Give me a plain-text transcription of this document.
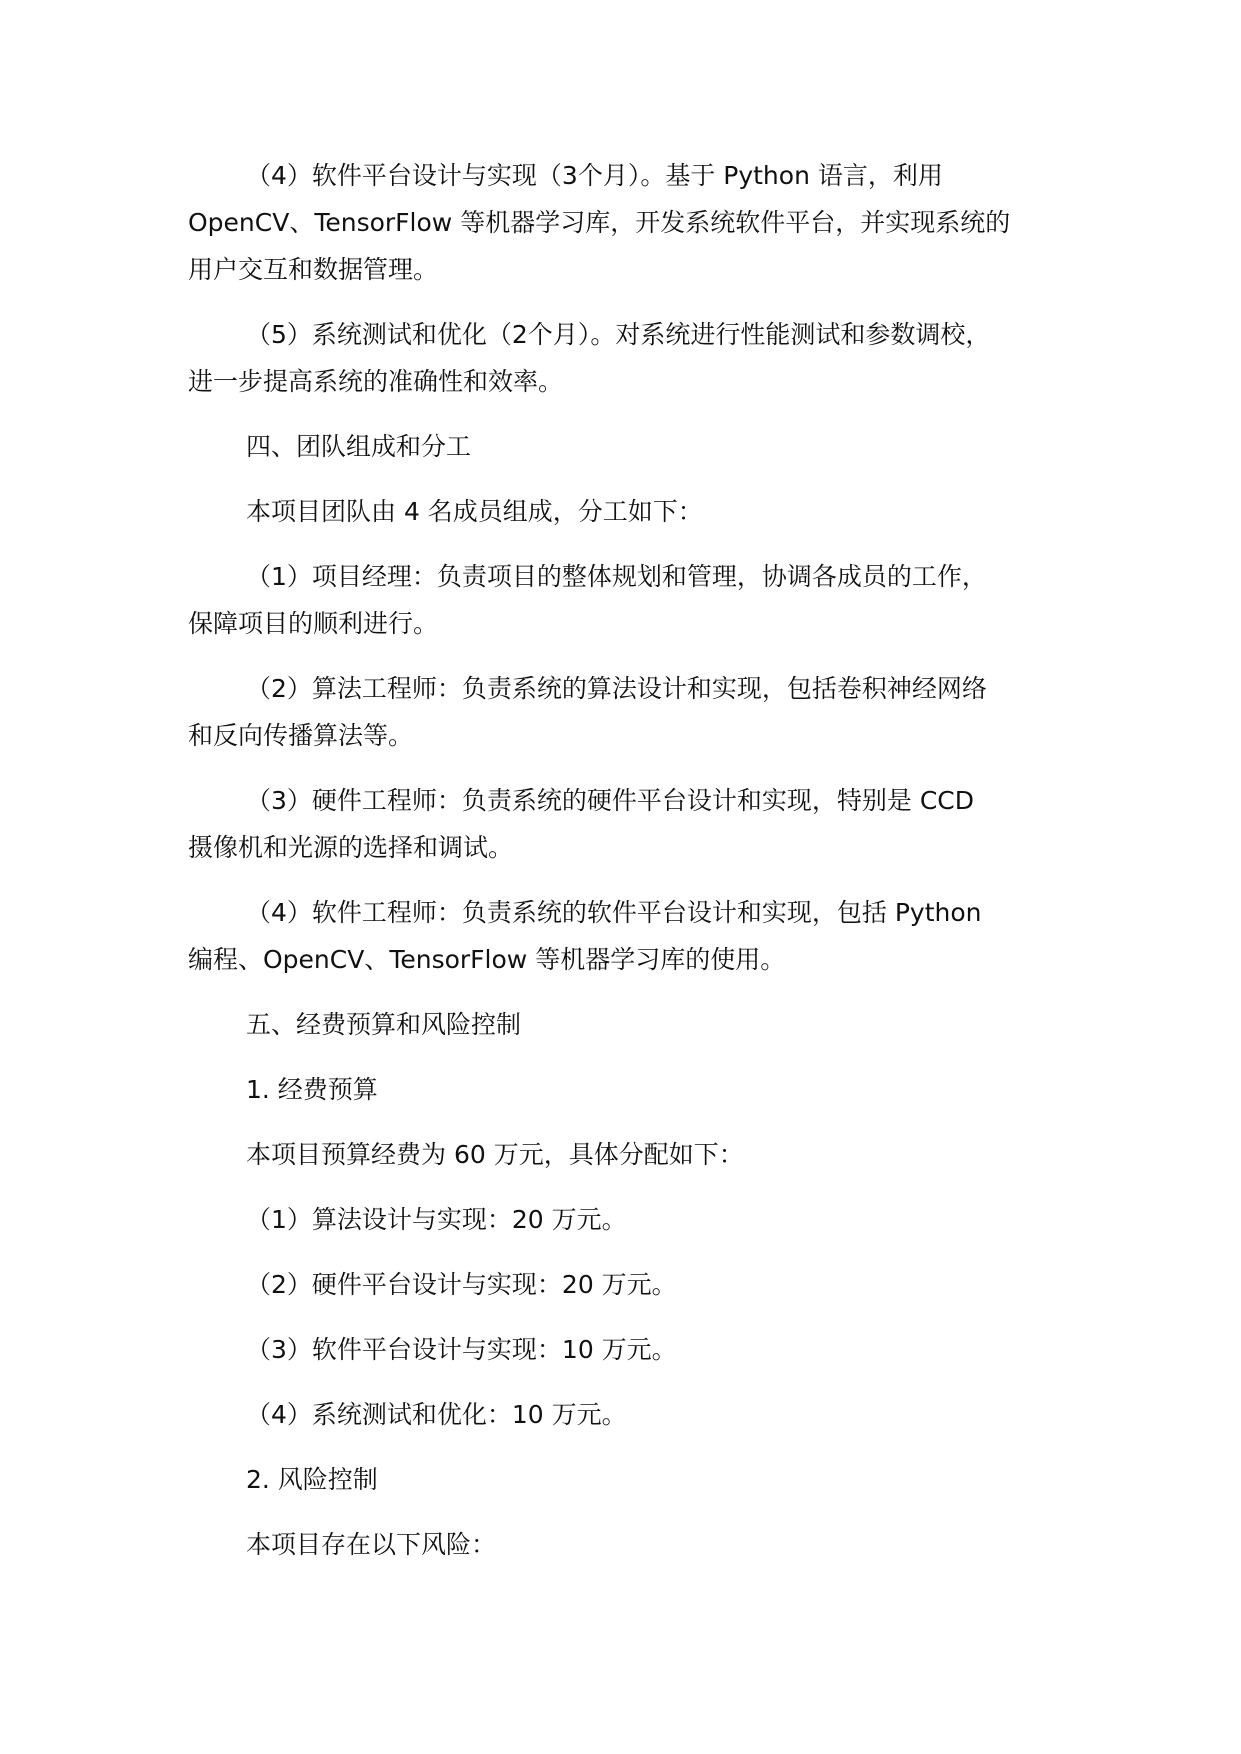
（4）软件平台设计与实现（3个月）。基于 Python 语言，利用
OpenCV、TensorFlow 等机器学习库，开发系统软件平台，并实现系统的
用户交互和数据管理。
（5）系统测试和优化（2个月）。对系统进行性能测试和参数调校，
进一步提高系统的准确性和效率。
四、团队组成和分工
本项目团队由 4 名成员组成，分工如下：
（1）项目经理：负责项目的整体规划和管理，协调各成员的工作，
保障项目的顺利进行。
（2）算法工程师：负责系统的算法设计和实现，包括卷积神经网络
和反向传播算法等。
（3）硬件工程师：负责系统的硬件平台设计和实现，特别是 CCD
摄像机和光源的选择和调试。
（4）软件工程师：负责系统的软件平台设计和实现，包括 Python
编程、OpenCV、TensorFlow 等机器学习库的使用。
五、经费预算和风险控制
1. 经费预算
本项目预算经费为 60 万元，具体分配如下：
（1）算法设计与实现：20 万元。
（2）硬件平台设计与实现：20 万元。
（3）软件平台设计与实现：10 万元。
（4）系统测试和优化：10 万元。
2. 风险控制
本项目存在以下风险：
